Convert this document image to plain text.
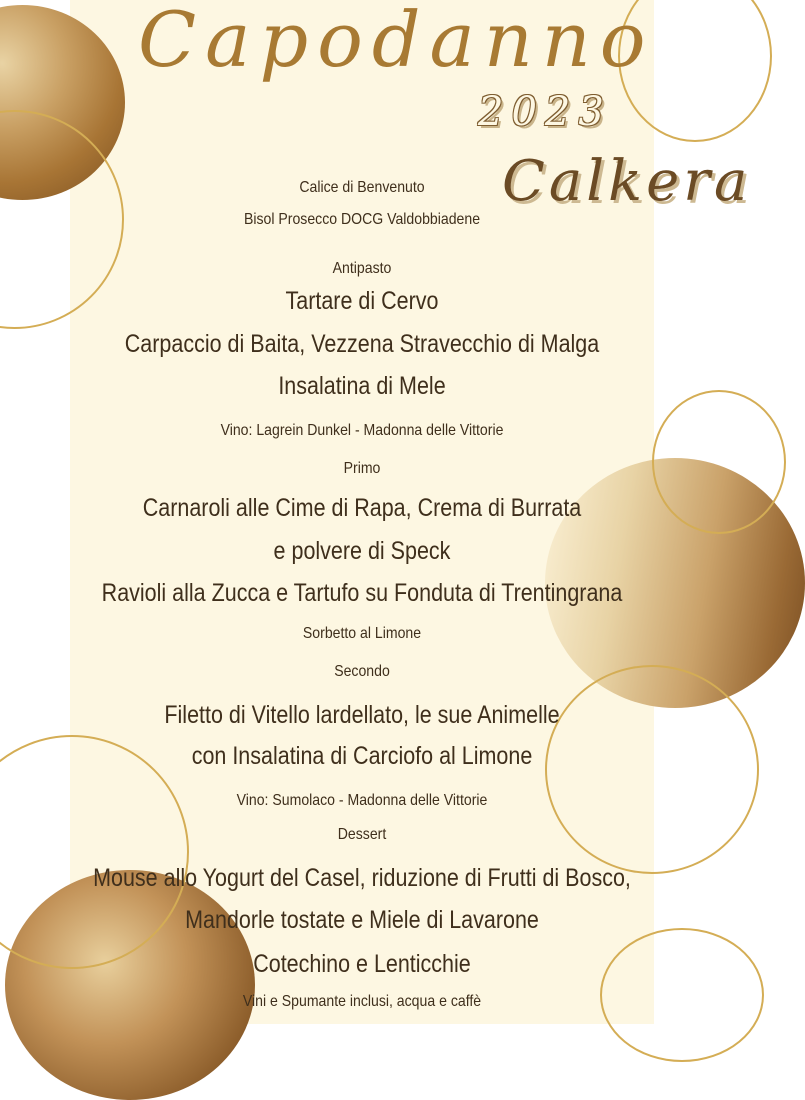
Capodanno
2023
Calkera
Calice di Benvenuto
Bisol Prosecco DOCG Valdobbiadene
Antipasto
Tartare di Cervo
Carpaccio di Baita, Vezzena Stravecchio di Malga
Insalatina di Mele
Vino: Lagrein Dunkel - Madonna delle Vittorie
Primo
Carnaroli alle Cime di Rapa, Crema di Burrata
e polvere di Speck
Ravioli alla Zucca e Tartufo su Fonduta di Trentingrana
Sorbetto al Limone
Secondo
Filetto di Vitello lardellato, le sue Animelle
con Insalatina di Carciofo al Limone
Vino: Sumolaco - Madonna delle Vittorie
Dessert
Mouse allo Yogurt del Casel, riduzione di Frutti di Bosco,
Mandorle tostate e Miele di Lavarone
Cotechino e Lenticchie
Vini e Spumante inclusi, acqua e caffè
